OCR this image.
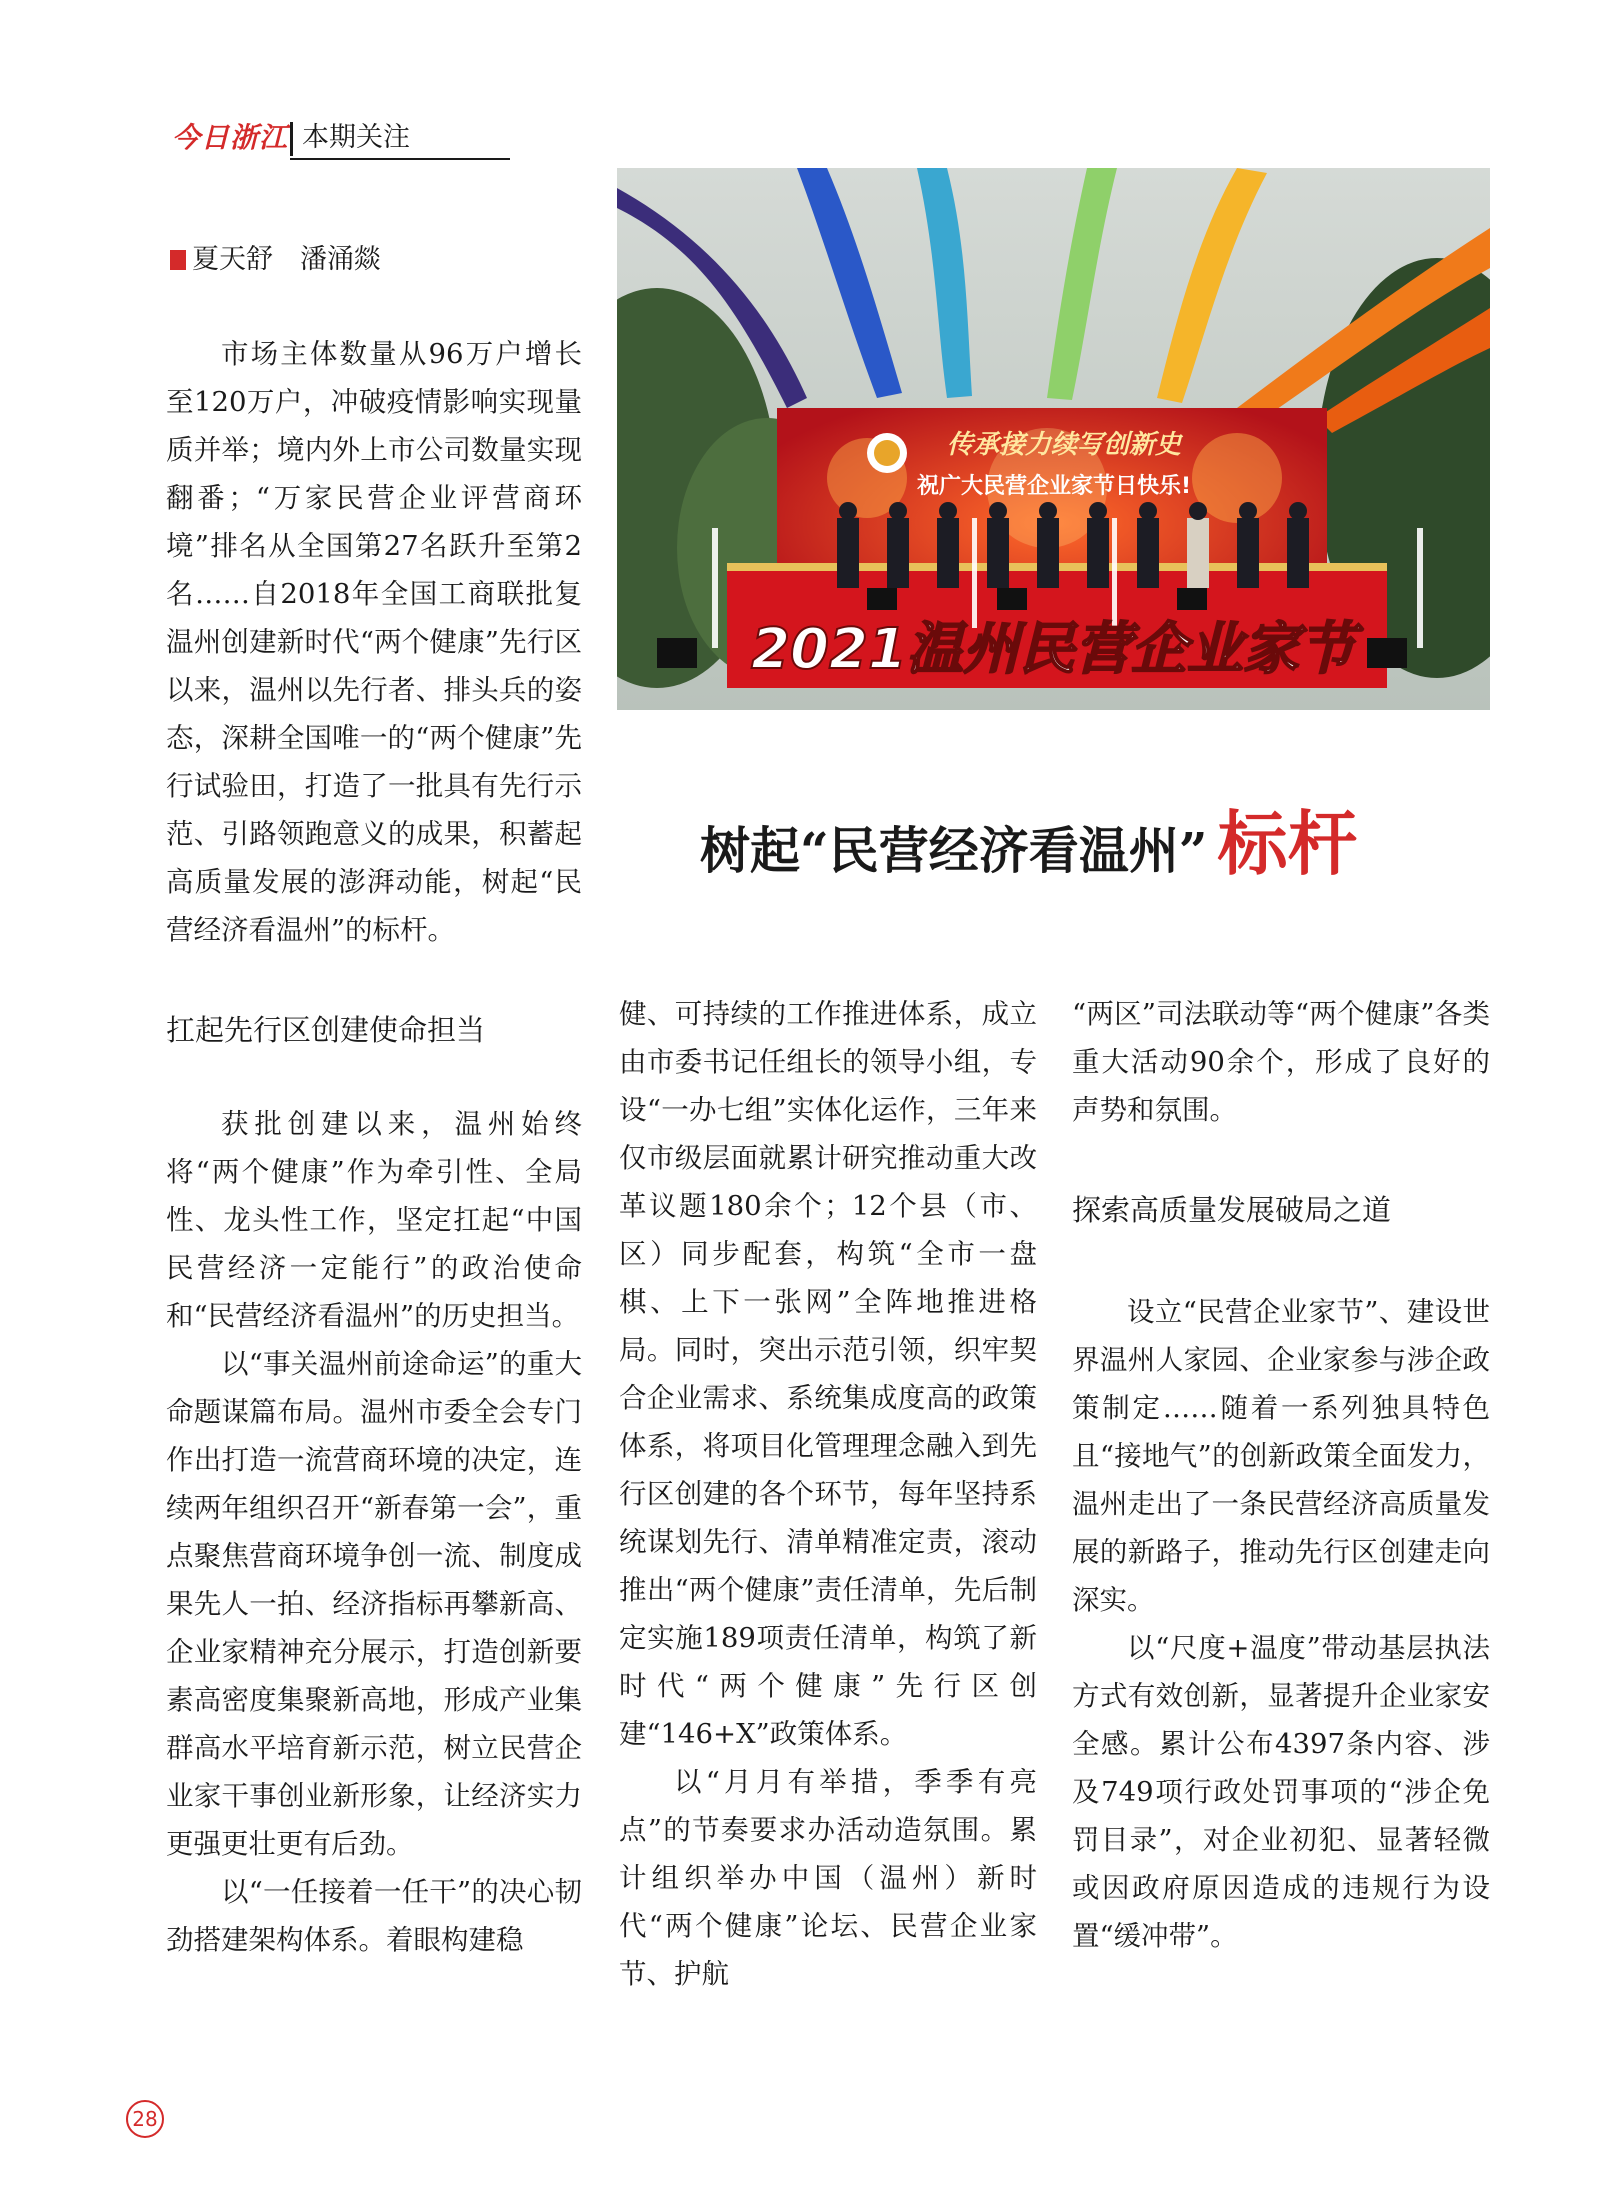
今日浙江 本期关注
夏天舒　潘涌燚
传承接力续写创新史
祝广大民营企业家节日快乐!
2021温州民营企业家节
树起“民营经济看温州” 标杆

市场主体数量从96万户增长至120万户，冲破疫情影响实现量质并举；境内外上市公司数量实现翻番；“万家民营企业评营商环境”排名从全国第27名跃升至第2名……自2018年全国工商联批复温州创建新时代“两个健康”先行区以来，温州以先行者、排头兵的姿态，深耕全国唯一的“两个健康”先行试验田，打造了一批具有先行示范、引路领跑意义的成果，积蓄起高质量发展的澎湃动能，树起“民营经济看温州”的标杆。

扛起先行区创建使命担当

获批创建以来，温州始终将“两个健康”作为牵引性、全局性、龙头性工作，坚定扛起“中国民营经济一定能行”的政治使命和“民营经济看温州”的历史担当。

以“事关温州前途命运”的重大命题谋篇布局。温州市委全会专门作出打造一流营商环境的决定，连续两年组织召开“新春第一会”，重点聚焦营商环境争创一流、制度成果先人一拍、经济指标再攀新高、企业家精神充分展示，打造创新要素高密度集聚新高地，形成产业集群高水平培育新示范，树立民营企业家干事创业新形象，让经济实力更强更壮更有后劲。

以“一任接着一任干”的决心韧劲搭建架构体系。着眼构建稳

健、可持续的工作推进体系，成立由市委书记任组长的领导小组，专设“一办七组”实体化运作，三年来仅市级层面就累计研究推动重大改革议题180余个；12个县（市、区）同步配套，构筑“全市一盘棋、上下一张网”全阵地推进格局。同时，突出示范引领，织牢契合企业需求、系统集成度高的政策体系，将项目化管理理念融入到先行区创建的各个环节，每年坚持系统谋划先行、清单精准定责，滚动推出“两个健康”责任清单，先后制定实施189项责任清单，构筑了新时代“两个健康”先行区创建“146+X”政策体系。

以“月月有举措，季季有亮点”的节奏要求办活动造氛围。累计组织举办中国（温州）新时代“两个健康”论坛、民营企业家节、护航

“两区”司法联动等“两个健康”各类重大活动90余个，形成了良好的声势和氛围。

探索高质量发展破局之道

设立“民营企业家节”、建设世界温州人家园、企业家参与涉企政策制定……随着一系列独具特色且“接地气”的创新政策全面发力，温州走出了一条民营经济高质量发展的新路子，推动先行区创建走向深实。

以“尺度+温度”带动基层执法方式有效创新，显著提升企业家安全感。累计公布4397条内容、涉及749项行政处罚事项的“涉企免罚目录”，对企业初犯、显著轻微或因政府原因造成的违规行为设置“缓冲带”。

28
